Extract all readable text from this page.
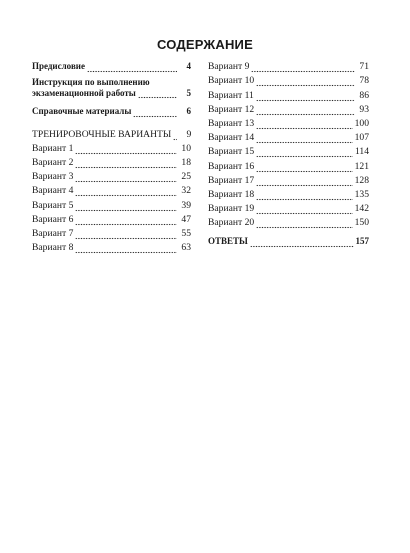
СОДЕРЖАНИЕ
Предисловие	4
Инструкция по выполнению
экзаменационной работы	5
Справочные материалы	6
ТРЕНИРОВОЧНЫЕ ВАРИАНТЫ	9
Вариант 1	10
Вариант 2	18
Вариант 3	25
Вариант 4	32
Вариант 5	39
Вариант 6	47
Вариант 7	55
Вариант 8	63
Вариант 9	71
Вариант 10	78
Вариант 11	86
Вариант 12	93
Вариант 13	100
Вариант 14	107
Вариант 15	114
Вариант 16	121
Вариант 17	128
Вариант 18	135
Вариант 19	142
Вариант 20	150
ОТВЕТЫ	157
